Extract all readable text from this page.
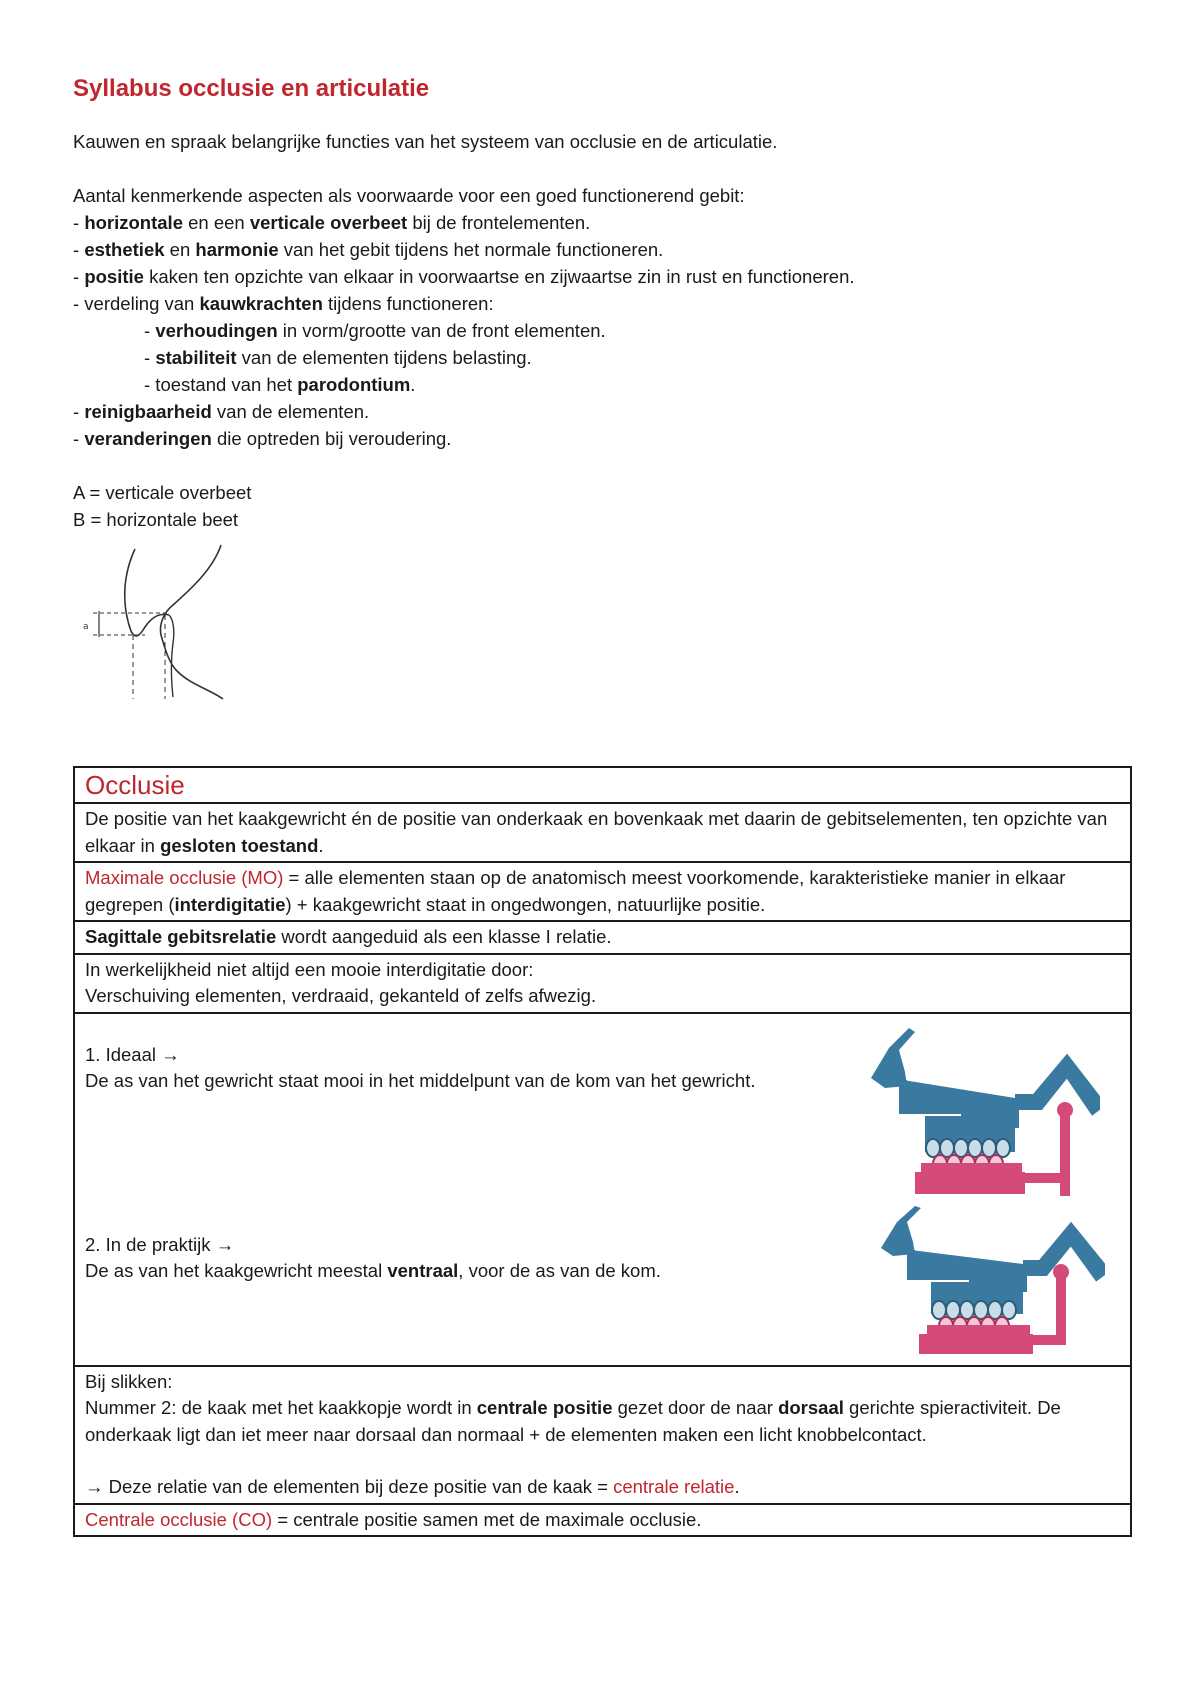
Syllabus occlusie en articulatie

Kauwen en spraak belangrijke functies van het systeem van occlusie en de articulatie.

Aantal kenmerkende aspecten als voorwaarde voor een goed functionerend gebit:

- horizontale en een verticale overbeet bij de frontelementen.

- esthetiek en harmonie van het gebit tijdens het normale functioneren.

- positie kaken ten opzichte van elkaar in voorwaartse en zijwaartse zin in rust en functioneren.

- verdeling van kauwkrachten tijdens functioneren:

- verhoudingen in vorm/grootte van de front elementen.

- stabiliteit van de elementen tijdens belasting.

- toestand van het parodontium.

- reinigbaarheid van de elementen.

- veranderingen die optreden bij veroudering.

A = verticale overbeet

B = horizontale beet

a
Occlusie
De positie van het kaakgewricht én de positie van onderkaak en bovenkaak met daarin de gebitselementen, ten opzichte van elkaar in gesloten toestand.
Maximale occlusie (MO) = alle elementen staan op de anatomisch meest voorkomende, karakteristieke manier in elkaar gegrepen (interdigitatie) + kaakgewricht staat in ongedwongen, natuurlijke positie.
Sagittale gebitsrelatie wordt aangeduid als een klasse I relatie.

In werkelijkheid niet altijd een mooie interdigitatie door:
Verschuiving elementen, verdraaid, gekanteld of zelfs afwezig.

1. Ideaal →
De as van het gewricht staat mooi in het middelpunt van de kom van het gewricht.
2. In de praktijk →
De as van het kaakgewricht meestal ventraal, voor de as van de kom.

Bij slikken:
Nummer 2: de kaak met het kaakkopje wordt in centrale positie gezet door de naar dorsaal gerichte spieractiviteit. De onderkaak ligt dan iet meer naar dorsaal dan normaal + de elementen maken een licht knobbelcontact.
→ Deze relatie van de elementen bij deze positie van de kaak = centrale relatie.

Centrale occlusie (CO) = centrale positie samen met de maximale occlusie.
